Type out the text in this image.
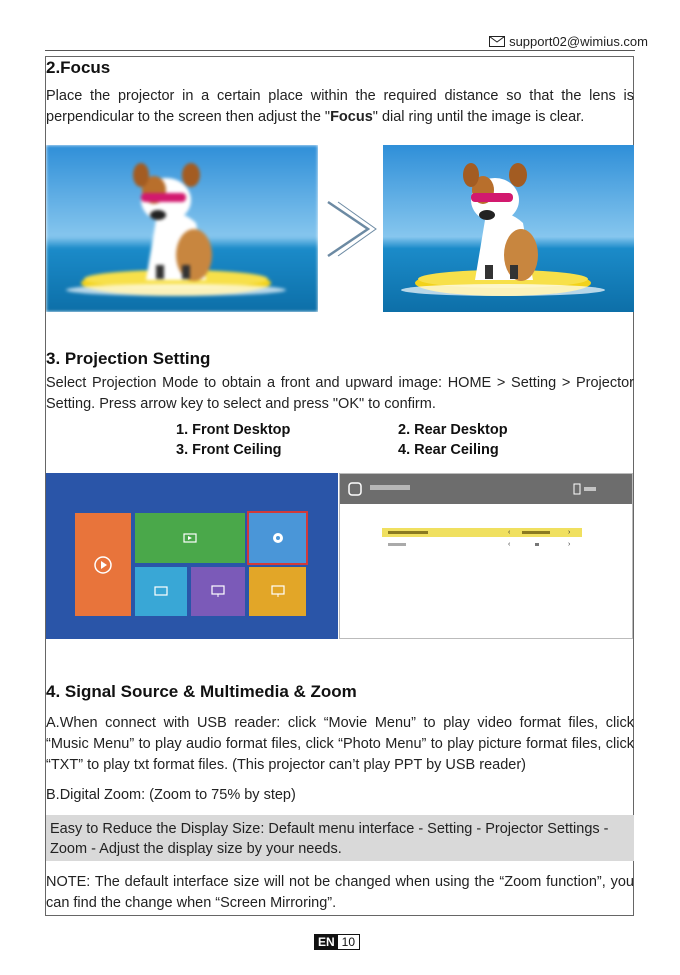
support02@wimius.com
2.Focus
Place the projector in a certain place within the required distance so that the lens is perpendicular to the screen then adjust the "Focus" dial ring until the image is clear.
3. Projection Setting
Select Projection Mode to obtain a front and upward image: HOME > Setting > Projector Setting. Press arrow key to select and press "OK" to confirm.
1. Front Desktop
3. Front Ceiling
2. Rear Desktop
4. Rear Ceiling
‹	›
‹	›
4. Signal Source & Multimedia & Zoom
A.When connect with USB reader: click “Movie Menu” to play video format files, click “Music Menu” to play audio format files, click “Photo Menu” to play picture format files, click “TXT” to play txt format files. (This projector can’t play PPT by USB reader)
B.Digital Zoom: (Zoom to 75% by step)
Easy to Reduce the Display Size: Default menu interface - Setting - Projector Settings - Zoom - Adjust the display size by your needs.
NOTE: The default interface size will not be changed when using the “Zoom function”, you can find the change when “Screen Mirroring”.
EN 10
